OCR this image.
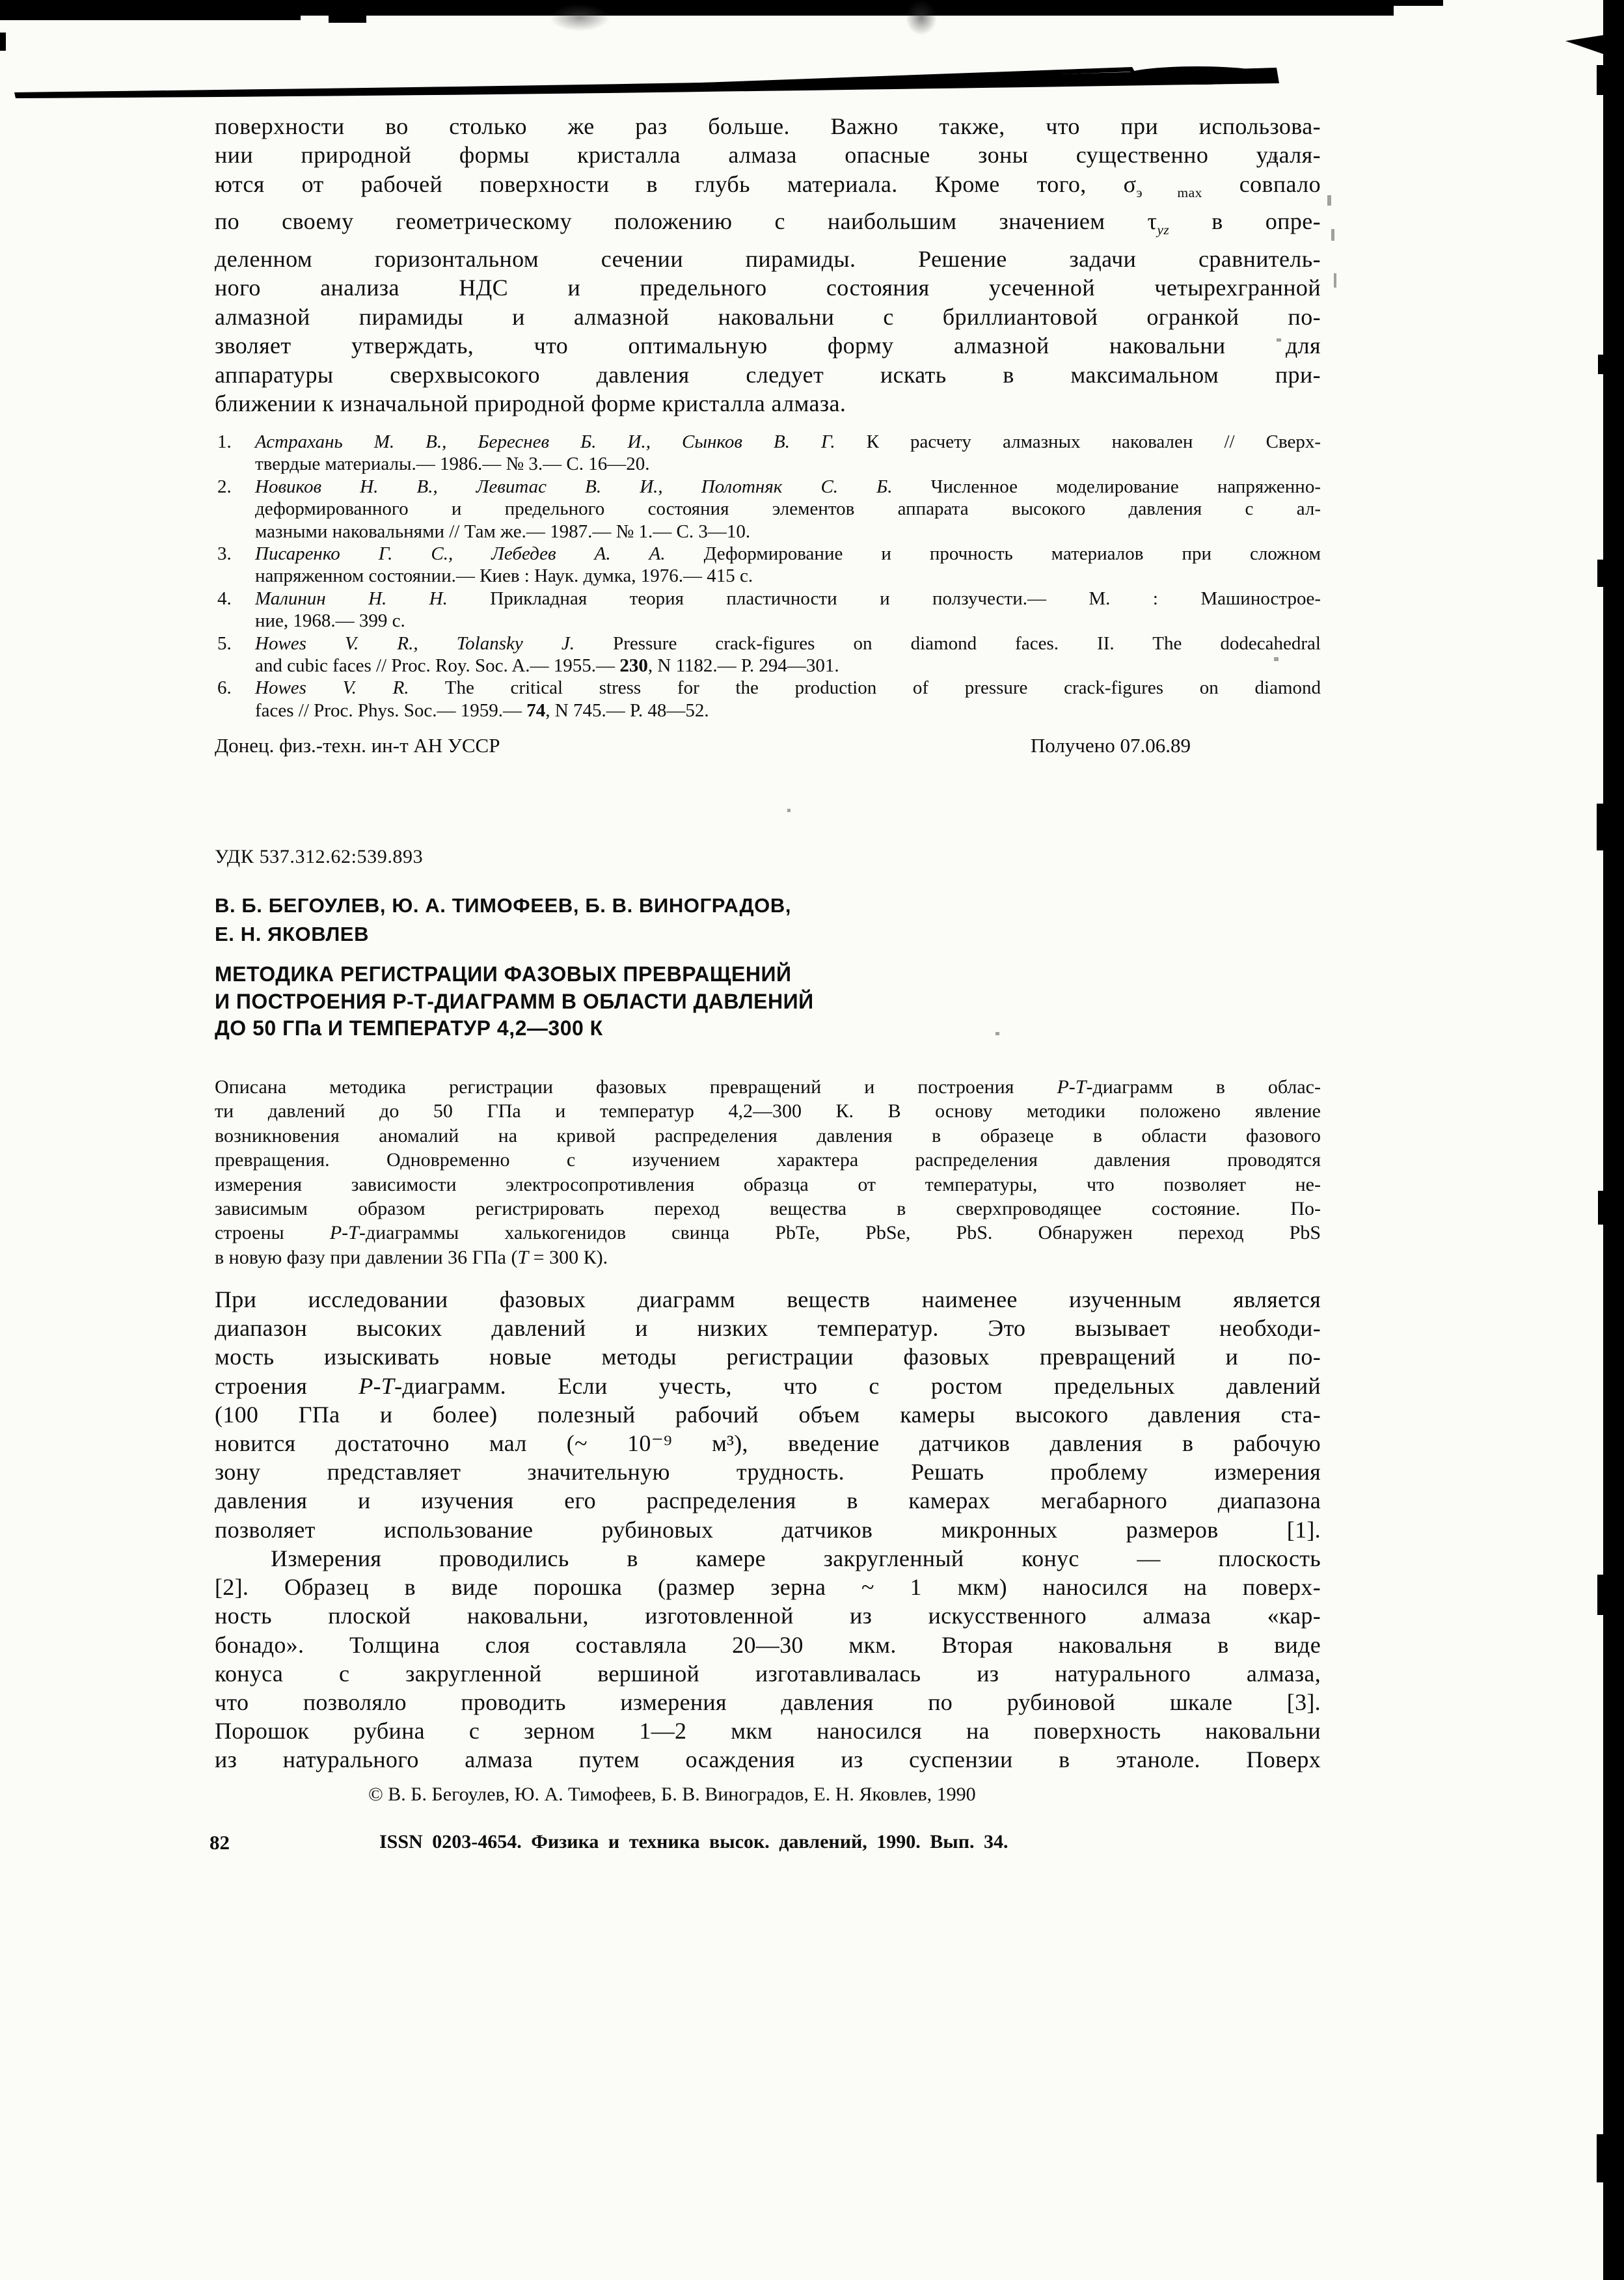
поверхности во столько же раз больше. Важно также, что при использова-
нии природной формы кристалла алмаза опасные зоны существенно удаля-
ются от рабочей поверхности в глубь материала. Кроме того, $\sigma_{э max}$ совпало
по своему геометрическому положению с наибольшим значением $\tau_{yz}$ в опре-
деленном горизонтальном сечении пирамиды. Решение задачи сравнитель-
ного анализа НДС и предельного состояния усеченной четырехгранной
алмазной пирамиды и алмазной наковальни с бриллиантовой огранкой по-
зволяет утверждать, что оптимальную форму алмазной наковальни для
аппаратуры сверхвысокого давления следует искать в максимальном при-
ближении к изначальной природной форме кристалла алмаза.
1. Астрахань М. В., Береснев Б. И., Сынков В. Г. К расчету алмазных наковален // Сверх-
твердые материалы.— 1986.— № 3.— С. 16—20.
2. Новиков Н. В., Левитас В. И., Полотняк С. Б. Численное моделирование напряженно-
деформированного и предельного состояния элементов аппарата высокого давления с ал-
мазными наковальнями // Там же.— 1987.— № 1.— С. 3—10.
3. Писаренко Г. С., Лебедев А. А. Деформирование и прочность материалов при сложном
напряженном состоянии.— Киев : Наук. думка, 1976.— 415 с.
4. Малинин Н. Н. Прикладная теория пластичности и ползучести.— М. : Машиностроe-
ние, 1968.— 399 с.
5. Howes V. R., Tolansky J. Pressure crack-figures on diamond faces. II. The dodecahedral
and cubic faces // Proc. Roy. Soc. A.— 1955.— 230, N 1182.— P. 294—301.
6. Howes V. R. The critical stress for the production of pressure crack-figures on diamond
faces // Proc. Phys. Soc.— 1959.— 74, N 745.— P. 48—52.
Донец. физ.-техн. ин-т АН УССР	Получено 07.06.89
УДК 537.312.62:539.893
В. Б. БЕГОУЛЕВ, Ю. А. ТИМОФЕЕВ, Б. В. ВИНОГРАДОВ,
Е. Н. ЯКОВЛЕВ
МЕТОДИКА РЕГИСТРАЦИИ ФАЗОВЫХ ПРЕВРАЩЕНИЙ
И ПОСТРОЕНИЯ Р-Т-ДИАГРАММ В ОБЛАСТИ ДАВЛЕНИЙ
ДО 50 ГПа И ТЕМПЕРАТУР 4,2—300 К
Описана методика регистрации фазовых превращений и построения Р-Т-диаграмм в облас-
ти давлений до 50 ГПа и температур 4,2—300 К. В основу методики положено явление
возникновения аномалий на кривой распределения давления в образеце в области фазового
превращения. Одновременно с изучением характера распределения давления проводятся
измерения зависимости электросопротивления образца от температуры, что позволяет не-
зависимым образом регистрировать переход вещества в сверхпроводящее состояние. По-
строены Р-Т-диаграммы халькогенидов свинца PbTe, PbSe, PbS. Обнаружен переход PbS
в новую фазу при давлении 36 ГПа (Т = 300 К).
При исследовании фазовых диаграмм веществ наименее изученным является
диапазон высоких давлений и низких температур. Это вызывает необходи-
мость изыскивать новые методы регистрации фазовых превращений и по-
строения Р-Т-диаграмм. Если учесть, что с ростом предельных давлений
(100 ГПа и более) полезный рабочий объем камеры высокого давления ста-
новится достаточно мал (~ 10⁻⁹ м³), введение датчиков давления в рабочую
зону представляет значительную трудность. Решать проблему измерения
давления и изучения его распределения в камерах мегабарного диапазона
позволяет использование рубиновых датчиков микронных размеров [1].
Измерения проводились в камере закругленный конус — плоскость
[2]. Образец в виде порошка (размер зерна ~ 1 мкм) наносился на поверх-
ность плоской наковальни, изготовленной из искусственного алмаза «кар-
бонадо». Толщина слоя составляла 20—30 мкм. Вторая наковальня в виде
конуса с закругленной вершиной изготавливалась из натурального алмаза,
что позволяло проводить измерения давления по рубиновой шкале [3].
Порошок рубина с зерном 1—2 мкм наносился на поверхность наковальни
из натурального алмаза путем осаждения из суспензии в этаноле. Поверх
© В. Б. Бегоулев, Ю. А. Тимофеев, Б. В. Виноградов, Е. Н. Яковлев, 1990
82	ISSN 0203-4654. Физика и техника высок. давлений, 1990. Вып. 34.
